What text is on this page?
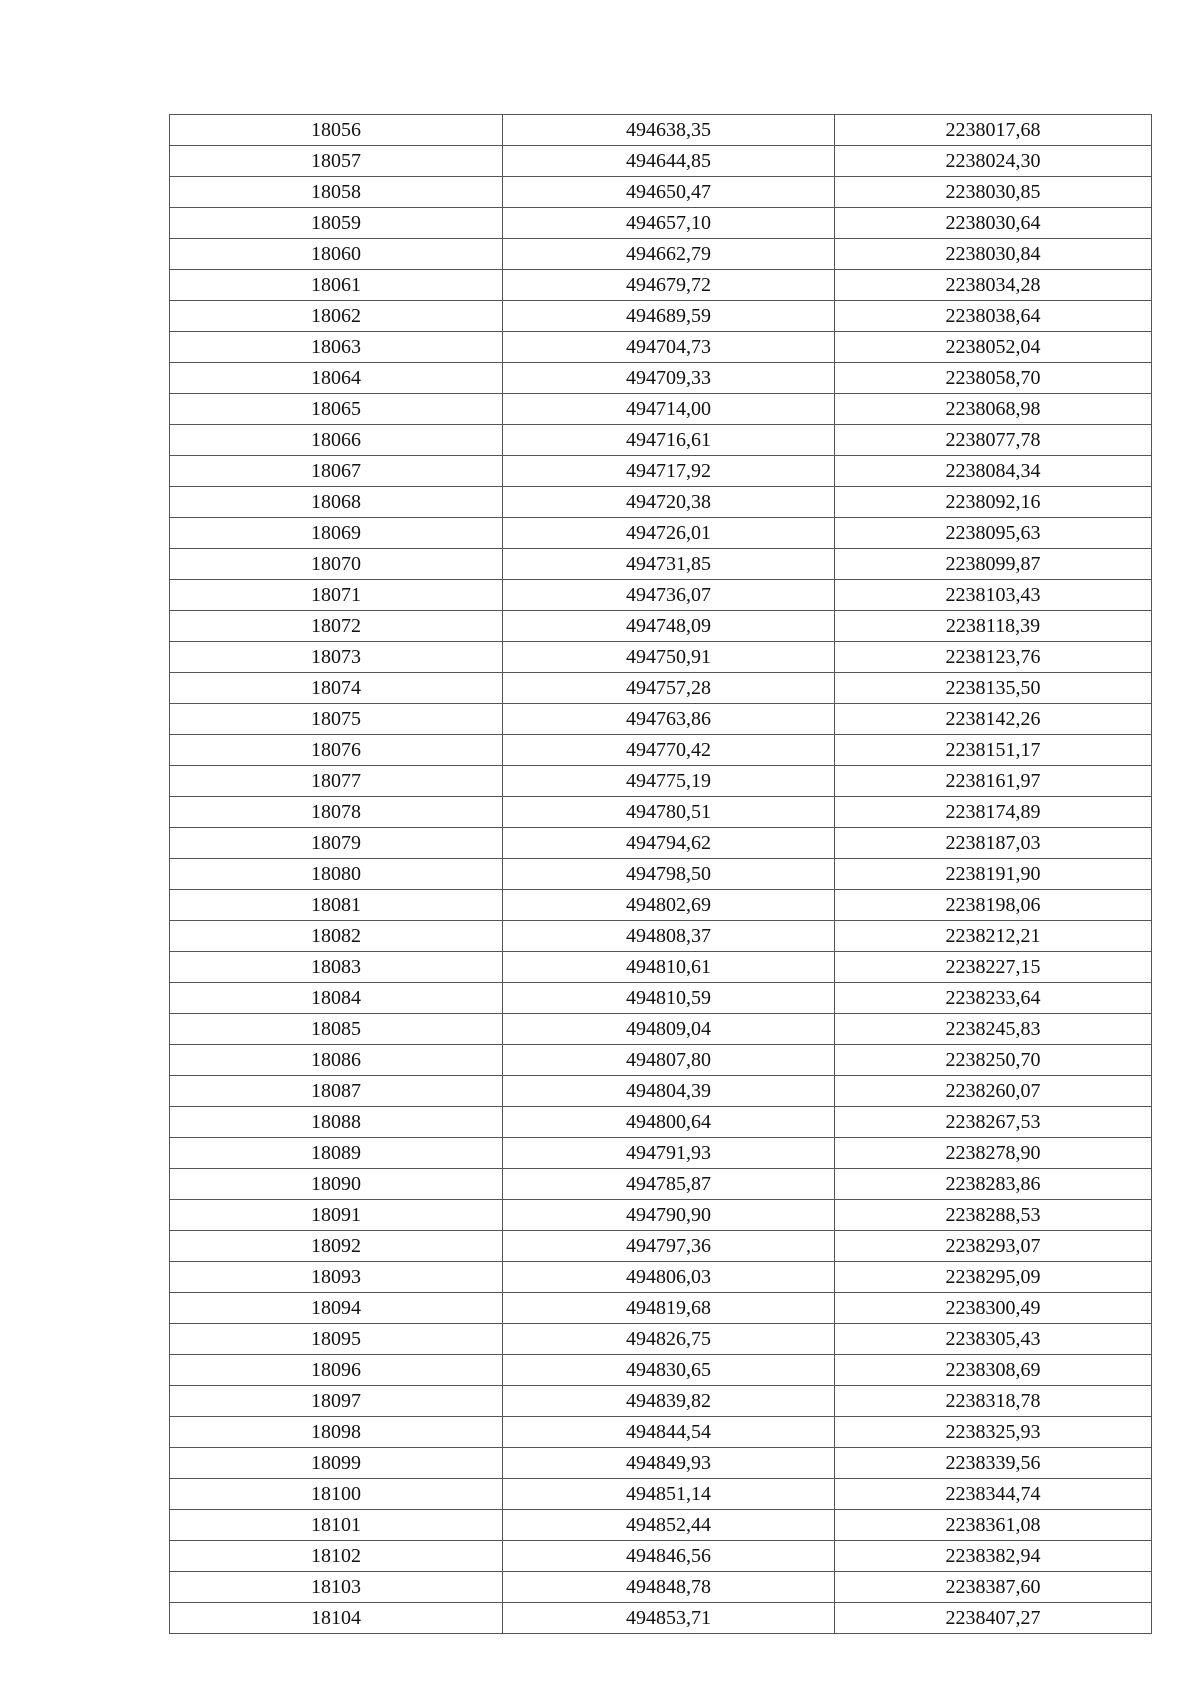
18056	494638,35	2238017,68
18057	494644,85	2238024,30
18058	494650,47	2238030,85
18059	494657,10	2238030,64
18060	494662,79	2238030,84
18061	494679,72	2238034,28
18062	494689,59	2238038,64
18063	494704,73	2238052,04
18064	494709,33	2238058,70
18065	494714,00	2238068,98
18066	494716,61	2238077,78
18067	494717,92	2238084,34
18068	494720,38	2238092,16
18069	494726,01	2238095,63
18070	494731,85	2238099,87
18071	494736,07	2238103,43
18072	494748,09	2238118,39
18073	494750,91	2238123,76
18074	494757,28	2238135,50
18075	494763,86	2238142,26
18076	494770,42	2238151,17
18077	494775,19	2238161,97
18078	494780,51	2238174,89
18079	494794,62	2238187,03
18080	494798,50	2238191,90
18081	494802,69	2238198,06
18082	494808,37	2238212,21
18083	494810,61	2238227,15
18084	494810,59	2238233,64
18085	494809,04	2238245,83
18086	494807,80	2238250,70
18087	494804,39	2238260,07
18088	494800,64	2238267,53
18089	494791,93	2238278,90
18090	494785,87	2238283,86
18091	494790,90	2238288,53
18092	494797,36	2238293,07
18093	494806,03	2238295,09
18094	494819,68	2238300,49
18095	494826,75	2238305,43
18096	494830,65	2238308,69
18097	494839,82	2238318,78
18098	494844,54	2238325,93
18099	494849,93	2238339,56
18100	494851,14	2238344,74
18101	494852,44	2238361,08
18102	494846,56	2238382,94
18103	494848,78	2238387,60
18104	494853,71	2238407,27
